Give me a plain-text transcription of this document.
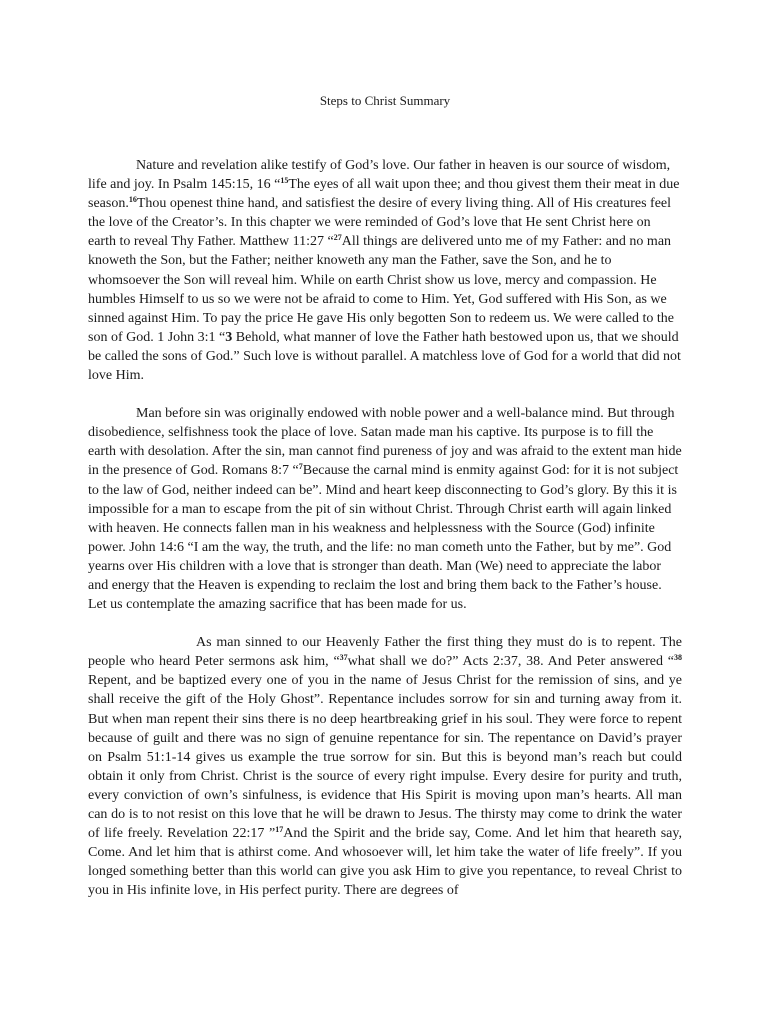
Steps to Christ Summary

Nature and revelation alike testify of God’s love. Our father in heaven is our source of wisdom, life and joy. In Psalm 145:15, 16 “$^{15}$The eyes of all wait upon thee; and thou givest them their meat in due season.$^{16}$Thou openest thine hand, and satisfiest the desire of every living thing. All of His creatures feel the love of the Creator’s. In this chapter we were reminded of God’s love that He sent Christ here on earth to reveal Thy Father. Matthew 11:27 “$^{27}$All things are delivered unto me of my Father: and no man knoweth the Son, but the Father; neither knoweth any man the Father, save the Son, and he to whomsoever the Son will reveal him. While on earth Christ show us love, mercy and compassion. He humbles Himself to us so we were not be afraid to come to Him. Yet, God suffered with His Son, as we sinned against Him. To pay the price He gave His only begotten Son to redeem us. We were called to the son of God. 1 John 3:1 “3 Behold, what manner of love the Father hath bestowed upon us, that we should be called the sons of God.” Such love is without parallel. A matchless love of God for a world that did not love Him.

Man before sin was originally endowed with noble power and a well-balance mind. But through disobedience, selfishness took the place of love. Satan made man his captive. Its purpose is to fill the earth with desolation. After the sin, man cannot find pureness of joy and was afraid to the extent man hide in the presence of God. Romans 8:7 “$^7$Because the carnal mind is enmity against God: for it is not subject to the law of God, neither indeed can be”. Mind and heart keep disconnecting to God’s glory. By this it is impossible for a man to escape from the pit of sin without Christ. Through Christ earth will again linked with heaven. He connects fallen man in his weakness and helplessness with the Source (God) infinite power. John 14:6 “I am the way, the truth, and the life: no man cometh unto the Father, but by me”. God yearns over His children with a love that is stronger than death. Man (We) need to appreciate the labor and energy that the Heaven is expending to reclaim the lost and bring them back to the Father’s house. Let us contemplate the amazing sacrifice that has been made for us.

As man sinned to our Heavenly Father the first thing they must do is to repent. The people who heard Peter sermons ask him, “$^{37}$what shall we do?” Acts 2:37, 38. And Peter answered “$^{38}$ Repent, and be baptized every one of you in the name of Jesus Christ for the remission of sins, and ye shall receive the gift of the Holy Ghost”. Repentance includes sorrow for sin and turning away from it. But when man repent their sins there is no deep heartbreaking grief in his soul. They were force to repent because of guilt and there was no sign of genuine repentance for sin. The repentance on David’s prayer on Psalm 51:1-14 gives us example the true sorrow for sin. But this is beyond man’s reach but could obtain it only from Christ. Christ is the source of every right impulse. Every desire for purity and truth, every conviction of own’s sinfulness, is evidence that His Spirit is moving upon man’s hearts. All man can do is to not resist on this love that he will be drawn to Jesus. The thirsty may come to drink the water of life freely. Revelation 22:17 ”$^{17}$And the Spirit and the bride say, Come. And let him that heareth say, Come. And let him that is athirst come. And whosoever will, let him take the water of life freely”. If you longed something better than this world can give you ask Him to give you repentance, to reveal Christ to you in His infinite love, in His perfect purity. There are degrees of
